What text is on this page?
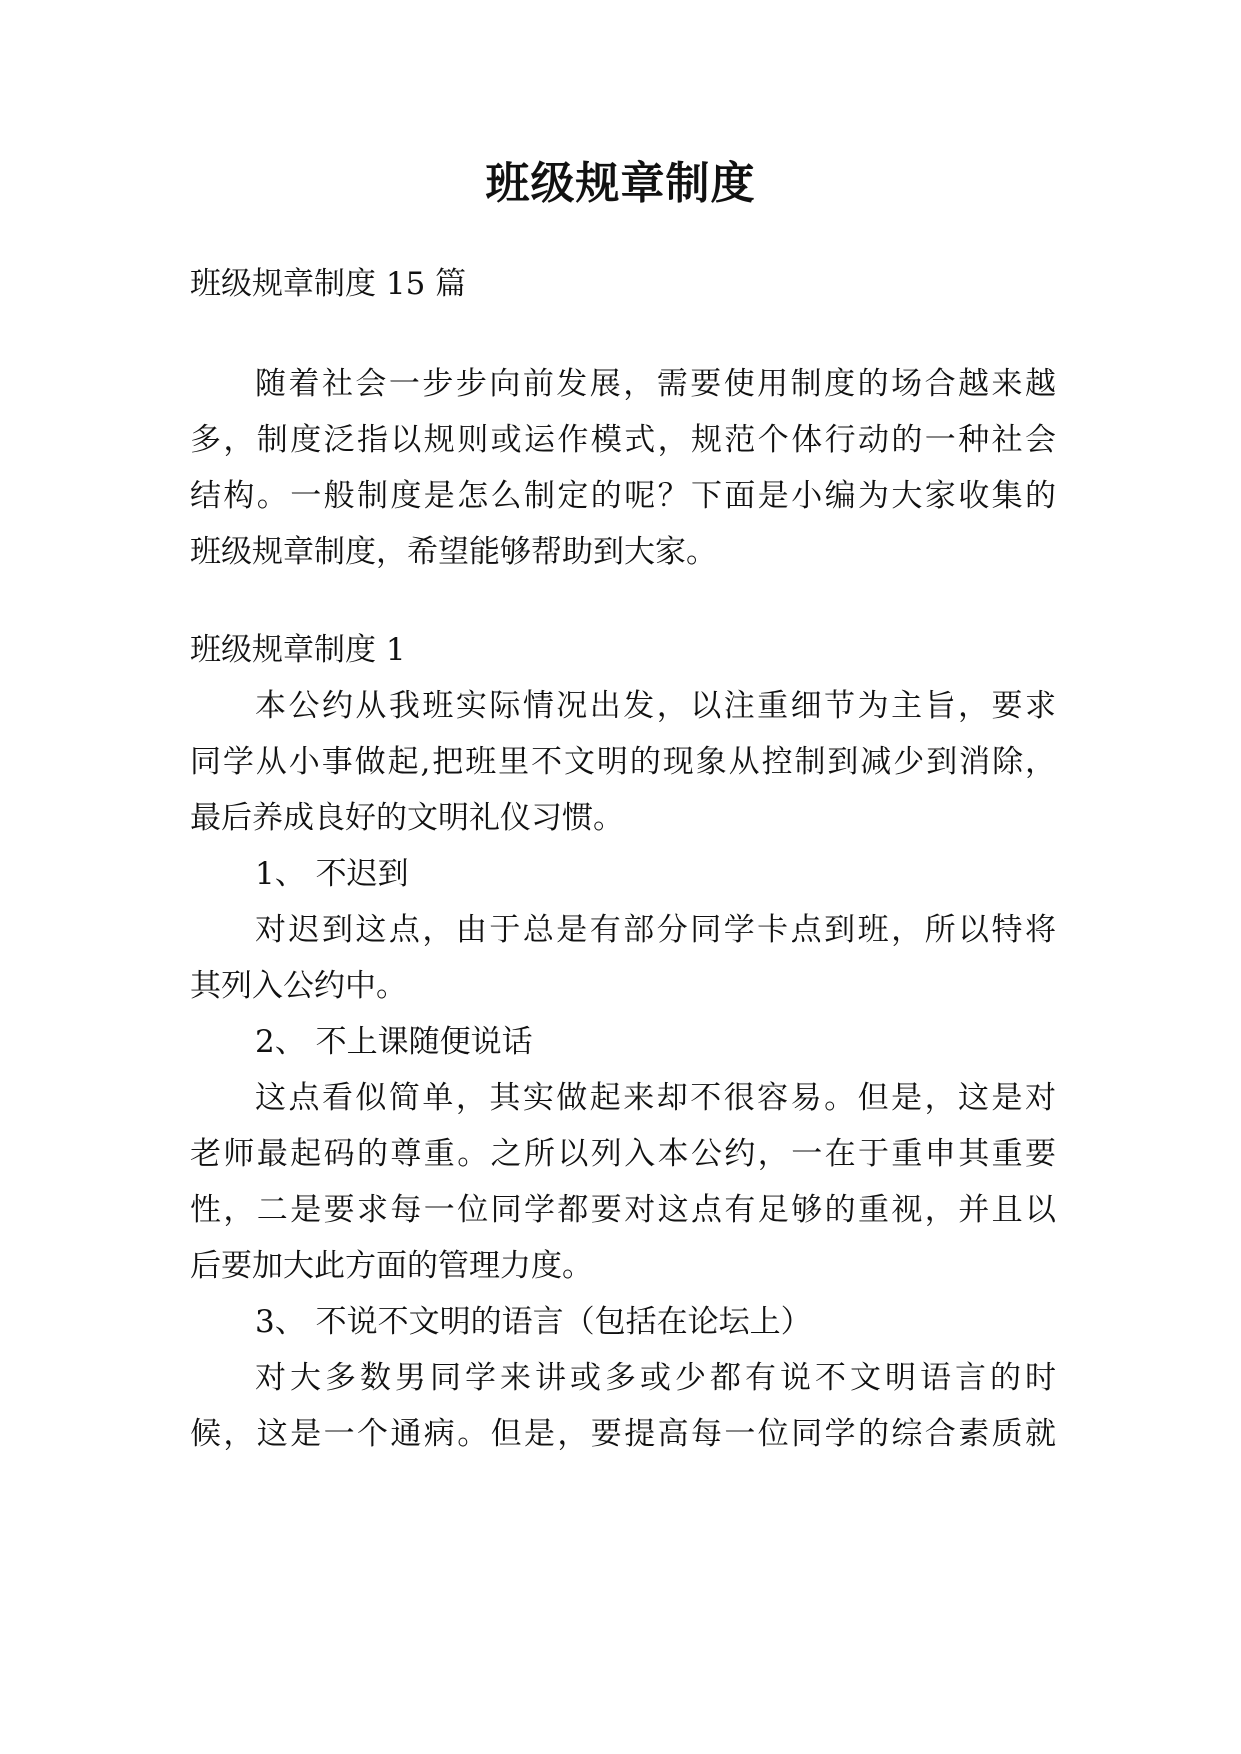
班级规章制度
班级规章制度 15 篇
随着社会一步步向前发展，需要使用制度的场合越来越
多，制度泛指以规则或运作模式，规范个体行动的一种社会
结构。一般制度是怎么制定的呢？下面是小编为大家收集的
班级规章制度，希望能够帮助到大家。
班级规章制度 1
本公约从我班实际情况出发，以注重细节为主旨，要求
同学从小事做起,把班里不文明的现象从控制到减少到消除，
最后养成良好的文明礼仪习惯。
1、 不迟到
对迟到这点，由于总是有部分同学卡点到班，所以特将
其列入公约中。
2、 不上课随便说话
这点看似简单，其实做起来却不很容易。但是，这是对
老师最起码的尊重。之所以列入本公约，一在于重申其重要
性，二是要求每一位同学都要对这点有足够的重视，并且以
后要加大此方面的管理力度。
3、 不说不文明的语言（包括在论坛上）
对大多数男同学来讲或多或少都有说不文明语言的时
候，这是一个通病。但是，要提高每一位同学的综合素质就
